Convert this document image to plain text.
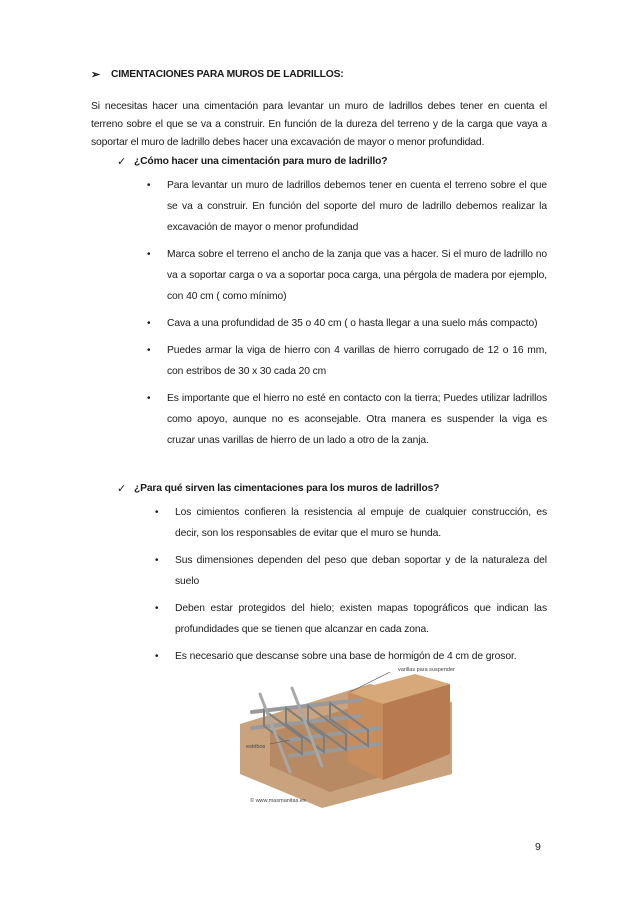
➢ CIMENTACIONES PARA MUROS DE LADRILLOS:
Si necesitas hacer una cimentación para levantar un muro de ladrillos debes tener en cuenta el terreno sobre el que se va a construir. En función de la dureza del terreno y de la carga que vaya a soportar el muro de ladrillo debes hacer una excavación de mayor o menor profundidad.
✓ ¿Cómo hacer una cimentación para muro de ladrillo?
• Para levantar un muro de ladrillos debemos tener en cuenta el terreno sobre el que se va a construir. En función del soporte del muro de ladrillo debemos realizar la excavación de mayor o menor profundidad
• Marca sobre el terreno el ancho de la zanja que vas a hacer. Si el muro de ladrillo no va a soportar carga o va a soportar poca carga, una pérgola de madera por ejemplo, con 40 cm ( como mínimo)
• Cava a una profundidad de 35 o 40 cm ( o hasta llegar a una suelo más compacto)
• Puedes armar la viga de hierro con 4 varillas de hierro corrugado de 12 o 16 mm, con estribos de 30 x 30 cada 20 cm
• Es importante que el hierro no esté en contacto con la tierra; Puedes utilizar ladrillos como apoyo, aunque no es aconsejable. Otra manera es suspender la viga es cruzar unas varillas de hierro de un lado a otro de la zanja.
✓ ¿Para qué sirven las cimentaciones para los muros de ladrillos?
• Los cimientos confieren la resistencia al empuje de cualquier construcción, es decir, son los responsables de evitar que el muro se hunda.
• Sus dimensiones dependen del peso que deban soportar y de la naturaleza del suelo
• Deben estar protegidos del hielo; existen mapas topográficos que indican las profundidades que se tienen que alcanzar en cada zona.
• Es necesario que descanse sobre una base de hormigón de 4 cm de grosor.
varillas para suspender
estribos
© www.masmanitas.es
9
